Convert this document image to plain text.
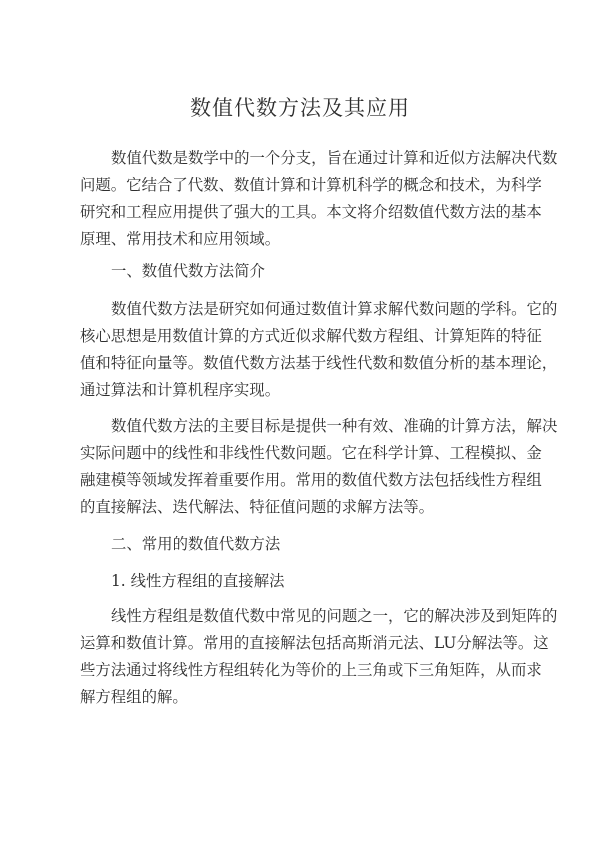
数值代数方法及其应用
数值代数是数学中的一个分支，旨在通过计算和近似方法解决代数
问题。它结合了代数、数值计算和计算机科学的概念和技术，为科学
研究和工程应用提供了强大的工具。本文将介绍数值代数方法的基本
原理、常用技术和应用领域。
一、数值代数方法简介
数值代数方法是研究如何通过数值计算求解代数问题的学科。它的
核心思想是用数值计算的方式近似求解代数方程组、计算矩阵的特征
值和特征向量等。数值代数方法基于线性代数和数值分析的基本理论，
通过算法和计算机程序实现。
数值代数方法的主要目标是提供一种有效、准确的计算方法，解决
实际问题中的线性和非线性代数问题。它在科学计算、工程模拟、金
融建模等领域发挥着重要作用。常用的数值代数方法包括线性方程组
的直接解法、迭代解法、特征值问题的求解方法等。
二、常用的数值代数方法
1. 线性方程组的直接解法
线性方程组是数值代数中常见的问题之一，它的解决涉及到矩阵的
运算和数值计算。常用的直接解法包括高斯消元法、LU分解法等。这
些方法通过将线性方程组转化为等价的上三角或下三角矩阵，从而求
解方程组的解。
